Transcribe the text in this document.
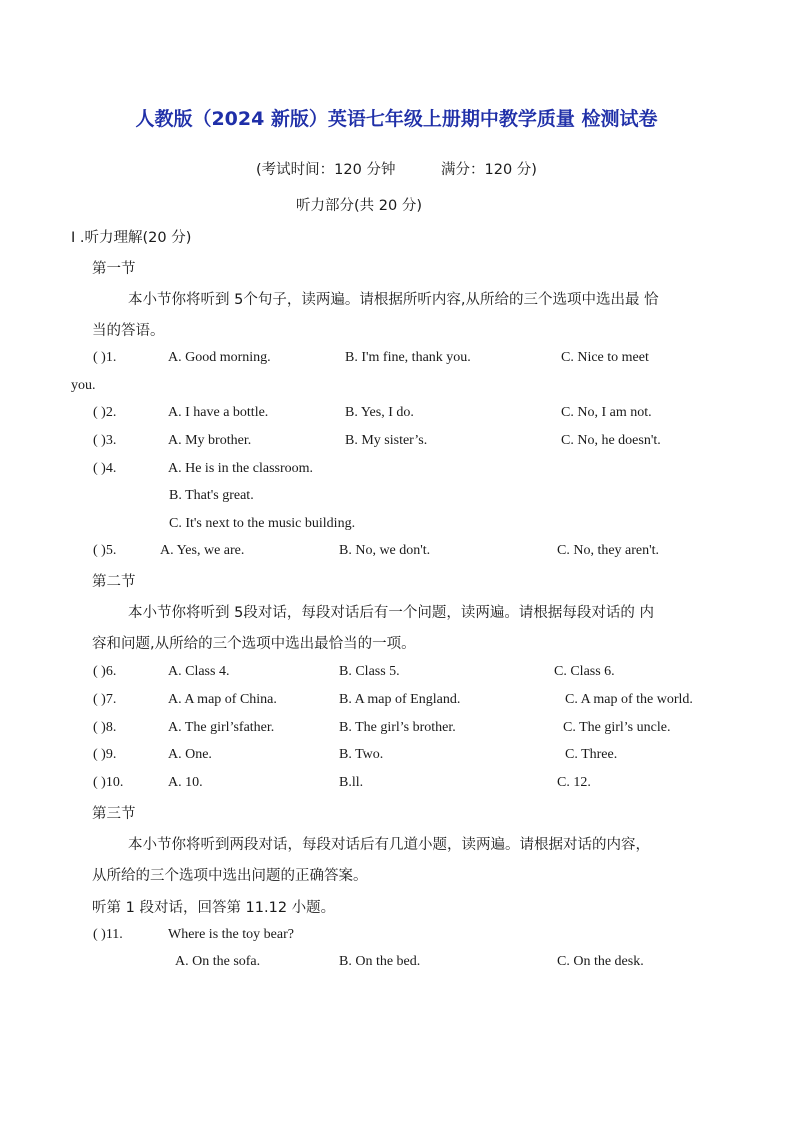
人教版（2024 新版）英语七年级上册期中教学质量 检测试卷
(考试时间：120 分钟	满分：120 分)
听力部分(共 20 分)
I .听力理解(20 分)
第一节
本小节你将听到 5个句子，读两遍。请根据所听内容,从所给的三个选项中选出最 恰
当的答语。
( )1.	A. Good morning.	B. I'm fine, thank you.	C. Nice to meet
you.
( )2.	A. I have a bottle.	B. Yes, I do.	C. No, I am not.
( )3.	A. My brother.	B. My sister’s.	C. No, he doesn't.
( )4.	A. He is in the classroom.
B. That's great.
C. It's next to the music building.
( )5.	A. Yes, we are.	B. No, we don't.	C. No, they aren't.
第二节
本小节你将听到 5段对话，每段对话后有一个问题，读两遍。请根据每段对话的 内
容和问题,从所给的三个选项中选出最恰当的一项。
( )6.	A. Class 4.	B. Class 5.	C. Class 6.
( )7.	A. A map of China.	B. A map of England.	C. A map of the world.
( )8.	A. The girl’sfather.	B. The girl’s brother.	C. The girl’s uncle.
( )9.	A. One.	B. Two.	C. Three.
( )10.	A. 10.	B.ll.	C. 12.
第三节
本小节你将听到两段对话，每段对话后有几道小题，读两遍。请根据对话的内容，
从所给的三个选项中选出问题的正确答案。
听第 1 段对话，回答第 11.12 小题。
( )11.	Where is the toy bear?
A. On the sofa.	B. On the bed.	C. On the desk.
